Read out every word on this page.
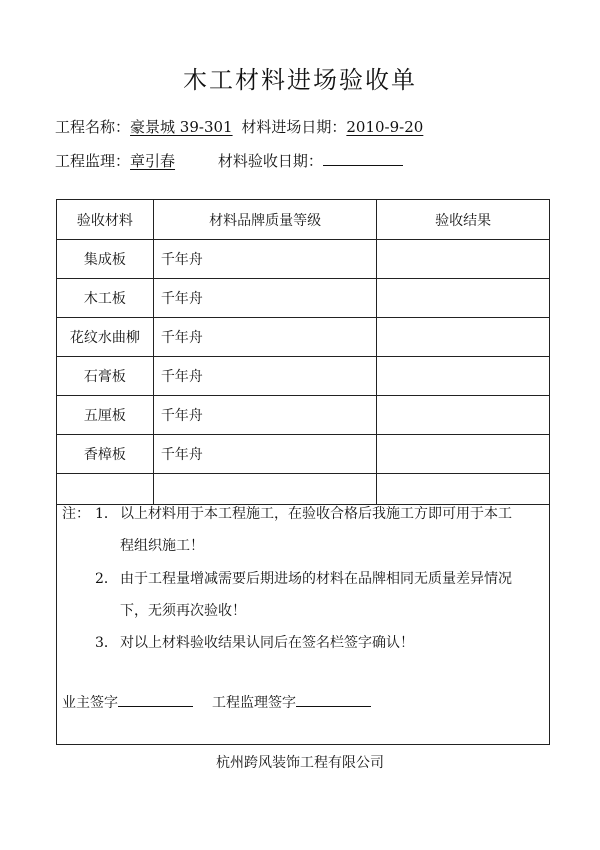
木工材料进场验收单
工程名称：豪景城 39-301 材料进场日期：2010-9-20
工程监理：章引春	材料验收日期：
验收材料	材料品牌质量等级	验收结果
集成板	千年舟	
木工板	千年舟	
花纹水曲柳	千年舟	
石膏板	千年舟	
五厘板	千年舟	
香樟板	千年舟	

注： 1． 以上材料用于本工程施工，在验收合格后我施工方即可用于本工
程组织施工！
2． 由于工程量增减需要后期进场的材料在品牌相同无质量差异情况
下，无须再次验收！
3． 对以上材料验收结果认同后在签名栏签字确认！
业主签字	工程监理签字
杭州跨风装饰工程有限公司
